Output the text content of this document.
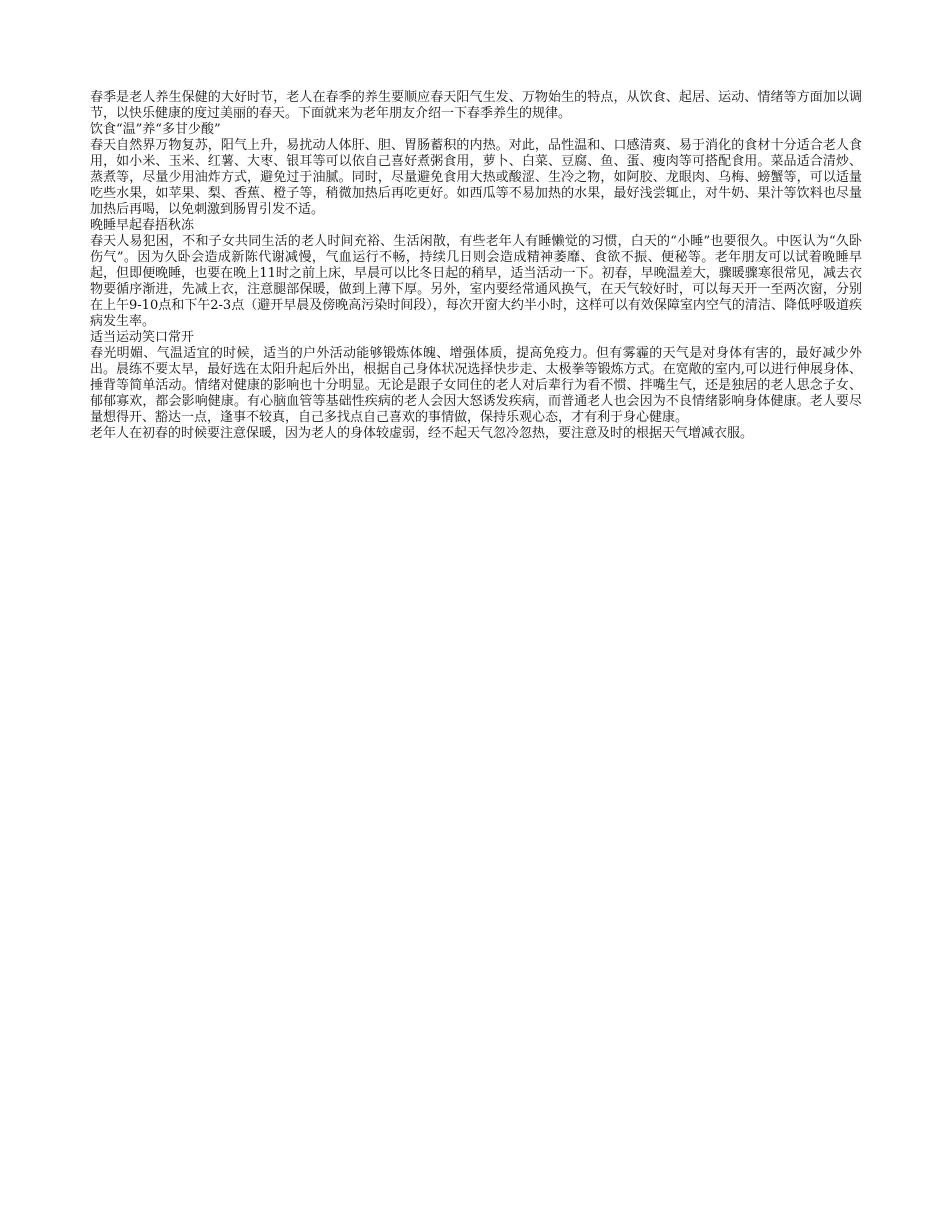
春季是老人养生保健的大好时节，老人在春季的养生要顺应春天阳气生发、万物始生的特点，从饮食、起居、运动、情绪等方面加以调节，以快乐健康的度过美丽的春天。下面就来为老年朋友介绍一下春季养生的规律。

饮食“温”养“多甘少酸”

春天自然界万物复苏，阳气上升，易扰动人体肝、胆、胃肠蓄积的内热。对此，品性温和、口感清爽、易于消化的食材十分适合老人食用，如小米、玉米、红薯、大枣、银耳等可以依自己喜好煮粥食用，萝卜、白菜、豆腐、鱼、蛋、瘦肉等可搭配食用。菜品适合清炒、蒸煮等，尽量少用油炸方式，避免过于油腻。同时，尽量避免食用大热或酸涩、生冷之物，如阿胶、龙眼肉、乌梅、螃蟹等，可以适量吃些水果，如苹果、梨、香蕉、橙子等，稍微加热后再吃更好。如西瓜等不易加热的水果，最好浅尝辄止，对牛奶、果汁等饮料也尽量加热后再喝，以免刺激到肠胃引发不适。

晚睡早起春捂秋冻

春天人易犯困，不和子女共同生活的老人时间充裕、生活闲散，有些老年人有睡懒觉的习惯，白天的“小睡”也要很久。中医认为“久卧伤气”。因为久卧会造成新陈代谢减慢，气血运行不畅，持续几日则会造成精神萎靡、食欲不振、便秘等。老年朋友可以试着晚睡早起，但即便晚睡，也要在晚上11时之前上床，早晨可以比冬日起的稍早，适当活动一下。初春，早晚温差大，骤暖骤寒很常见，减去衣物要循序渐进，先减上衣，注意腿部保暖，做到上薄下厚。另外，室内要经常通风换气，在天气较好时，可以每天开一至两次窗，分别在上午9-10点和下午2-3点（避开早晨及傍晚高污染时间段），每次开窗大约半小时，这样可以有效保障室内空气的清洁、降低呼吸道疾病发生率。

适当运动笑口常开

春光明媚、气温适宜的时候，适当的户外活动能够锻炼体魄、增强体质，提高免疫力。但有雾霾的天气是对身体有害的，最好减少外出。晨练不要太早，最好选在太阳升起后外出，根据自己身体状况选择快步走、太极拳等锻炼方式。在宽敞的室内,可以进行伸展身体、捶背等简单活动。情绪对健康的影响也十分明显。无论是跟子女同住的老人对后辈行为看不惯、拌嘴生气，还是独居的老人思念子女、郁郁寡欢，都会影响健康。有心脑血管等基础性疾病的老人会因大怒诱发疾病，而普通老人也会因为不良情绪影响身体健康。老人要尽量想得开、豁达一点，逢事不较真，自己多找点自己喜欢的事情做，保持乐观心态，才有利于身心健康。

老年人在初春的时候要注意保暖，因为老人的身体较虚弱，经不起天气忽冷忽热，要注意及时的根据天气增减衣服。
